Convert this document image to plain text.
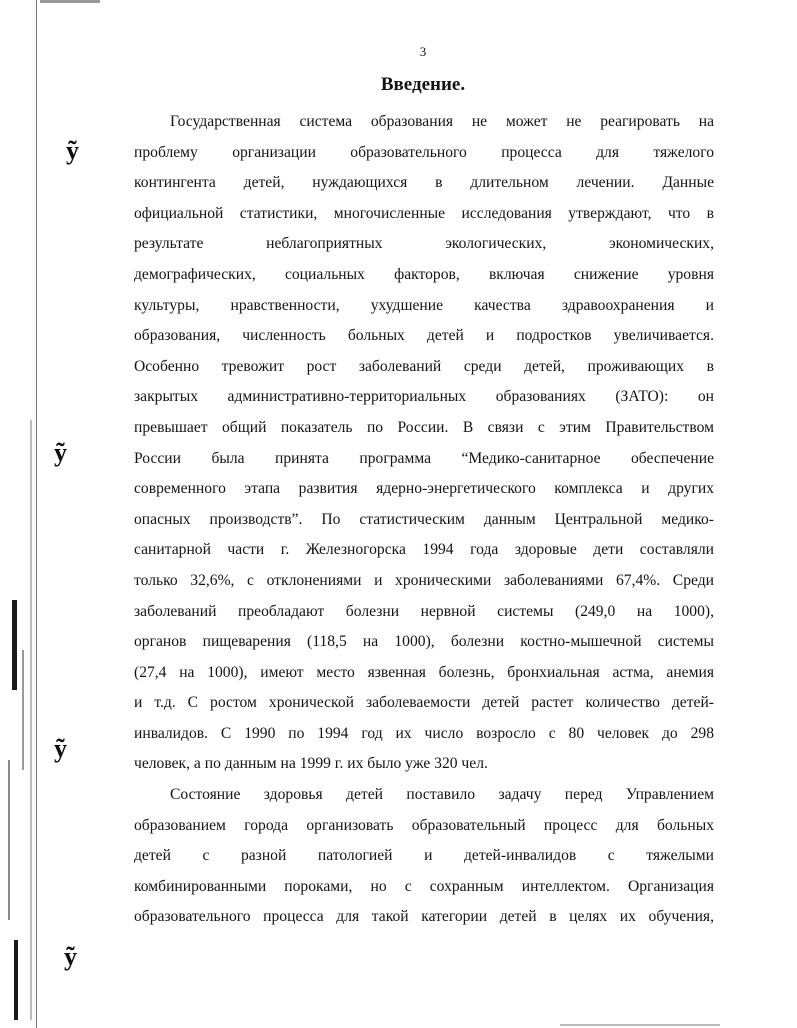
ỹ
ỹ
ỹ
ỹ
3
Введение.
Государственная система образования не может не реагировать на
проблему организации образовательного процесса для тяжелого
контингента детей, нуждающихся в длительном лечении. Данные
официальной статистики, многочисленные исследования утверждают, что в
результате неблагоприятных экологических, экономических,
демографических, социальных факторов, включая снижение уровня
культуры, нравственности, ухудшение качества здравоохранения и
образования, численность больных детей и подростков увеличивается.
Особенно тревожит рост заболеваний среди детей, проживающих в
закрытых административно-территориальных образованиях (ЗАТО): он
превышает общий показатель по России. В связи с этим Правительством
России была принята программа “Медико-санитарное обеспечение
современного этапа развития ядерно-энергетического комплекса и других
опасных производств”. По статистическим данным Центральной медико-
санитарной части г. Железногорска 1994 года здоровые дети составляли
только 32,6%, с отклонениями и хроническими заболеваниями 67,4%. Среди
заболеваний преобладают болезни нервной системы (249,0 на 1000),
органов пищеварения (118,5 на 1000), болезни костно-мышечной системы
(27,4 на 1000), имеют место язвенная болезнь, бронхиальная астма, анемия
и т.д. С ростом хронической заболеваемости детей растет количество детей-
инвалидов. С 1990 по 1994 год их число возросло с 80 человек до 298
человек, а по данным на 1999 г. их было уже 320 чел.
Состояние здоровья детей поставило задачу перед Управлением
образованием города организовать образовательный процесс для больных
детей с разной патологией и детей-инвалидов с тяжелыми
комбинированными пороками, но с сохранным интеллектом. Организация
образовательного процесса для такой категории детей в целях их обучения,
